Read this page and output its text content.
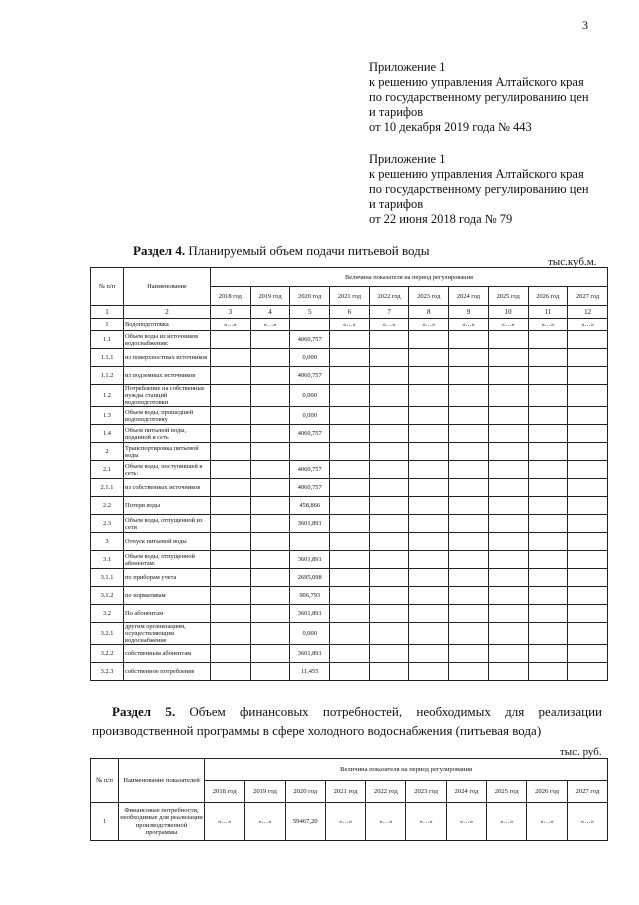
3
Приложение 1
к решению управления Алтайского края
по государственному регулированию цен
и тарифов
от 10 декабря 2019 года № 443
Приложение 1
к решению управления Алтайского края
по государственному регулированию цен
и тарифов
от 22 июня 2018 года № 79
Раздел 4. Планируемый объем подачи питьевой воды
тыс.куб.м.
№ п/п	Наименование	Величина показателя на период регулирования									
		2018 год	2019 год	2020 год	2021 год	2022 год	2023 год	2024 год	2025 год	2026 год	2027 год
1	2	3	4	5	6	7	8	9	10	11	12
1	Водоподготовка	«…»	«…»		«…»	«…»	«…»	«…»	«…»	«…»	«…»
1.1	Объем воды из источников водоснабжения:			4060,757							
1.1.1	из поверхностных источников			0,000							
1.1.2	из подземных источников			4060,757							
1.2	Потребление на собственные нужды станций водоподготовки			0,000							
1.3	Объем воды, прошедшей водоподготовку			0,000							
1.4	Объем питьевой воды, поданной в сеть			4060,757							
2	Транспортировка питьевой воды										
2.1	Объем воды, поступившей в сеть:			4060,757							
2.1.1	из собственных источников			4060,757							
2.2	Потери воды			458,866							
2.3	Объем воды, отпущенной из сети			3601,891							
3	Отпуск питьевой воды										
3.1	Объем воды, отпущенной абонентам:			3601,891							
3.1.1	по приборам учета			2695,098							
3.1.2	по нормативам			906,793							
3.2	По абонентам			3601,891							
3.2.1	другим организациям, осуществляющим водоснабжение			0,000							
3.2.2	собственным абонентам			3601,891							
3.2.3	собственное потребление			11,455							
Раздел 5. Объем финансовых потребностей, необходимых для реализации производственной программы в сфере холодного водоснабжения (питьевая вода)
тыс. руб.
№ п/п	Наименование показателей	Величина показателя на период регулирования									
		2018 год	2019 год	2020 год	2021 год	2022 год	2023 год	2024 год	2025 год	2026 год	2027 год
1	Финансовые потребности, необходимые для реализации производственной программы	«…»	«…»	59467,20	«…»	«…»	«…»	«…»	«…»	«…»	«…»
